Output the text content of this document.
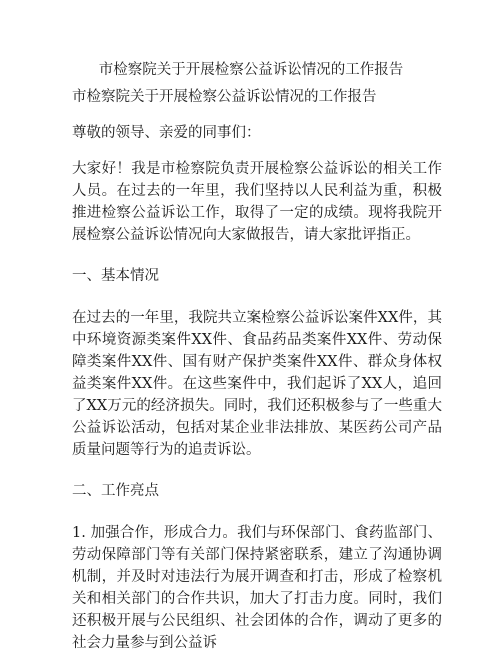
市检察院关于开展检察公益诉讼情况的工作报告

市检察院关于开展检察公益诉讼情况的工作报告

尊敬的领导、亲爱的同事们：

大家好！我是市检察院负责开展检察公益诉讼的相关工作人员。在过去的一年里，我们坚持以人民利益为重，积极推进检察公益诉讼工作，取得了一定的成绩。现将我院开展检察公益诉讼情况向大家做报告，请大家批评指正。

一、基本情况

在过去的一年里，我院共立案检察公益诉讼案件XX件，其中环境资源类案件XX件、食品药品类案件XX件、劳动保障类案件XX件、国有财产保护类案件XX件、群众身体权益类案件XX件。在这些案件中，我们起诉了XX人，追回了XX万元的经济损失。同时，我们还积极参与了一些重大公益诉讼活动，包括对某企业非法排放、某医药公司产品质量问题等行为的追责诉讼。

二、工作亮点

1. 加强合作，形成合力。我们与环保部门、食药监部门、劳动保障部门等有关部门保持紧密联系，建立了沟通协调机制，并及时对违法行为展开调查和打击，形成了检察机关和相关部门的合作共识，加大了打击力度。同时，我们还积极开展与公民组织、社会团体的合作，调动了更多的社会力量参与到公益诉
